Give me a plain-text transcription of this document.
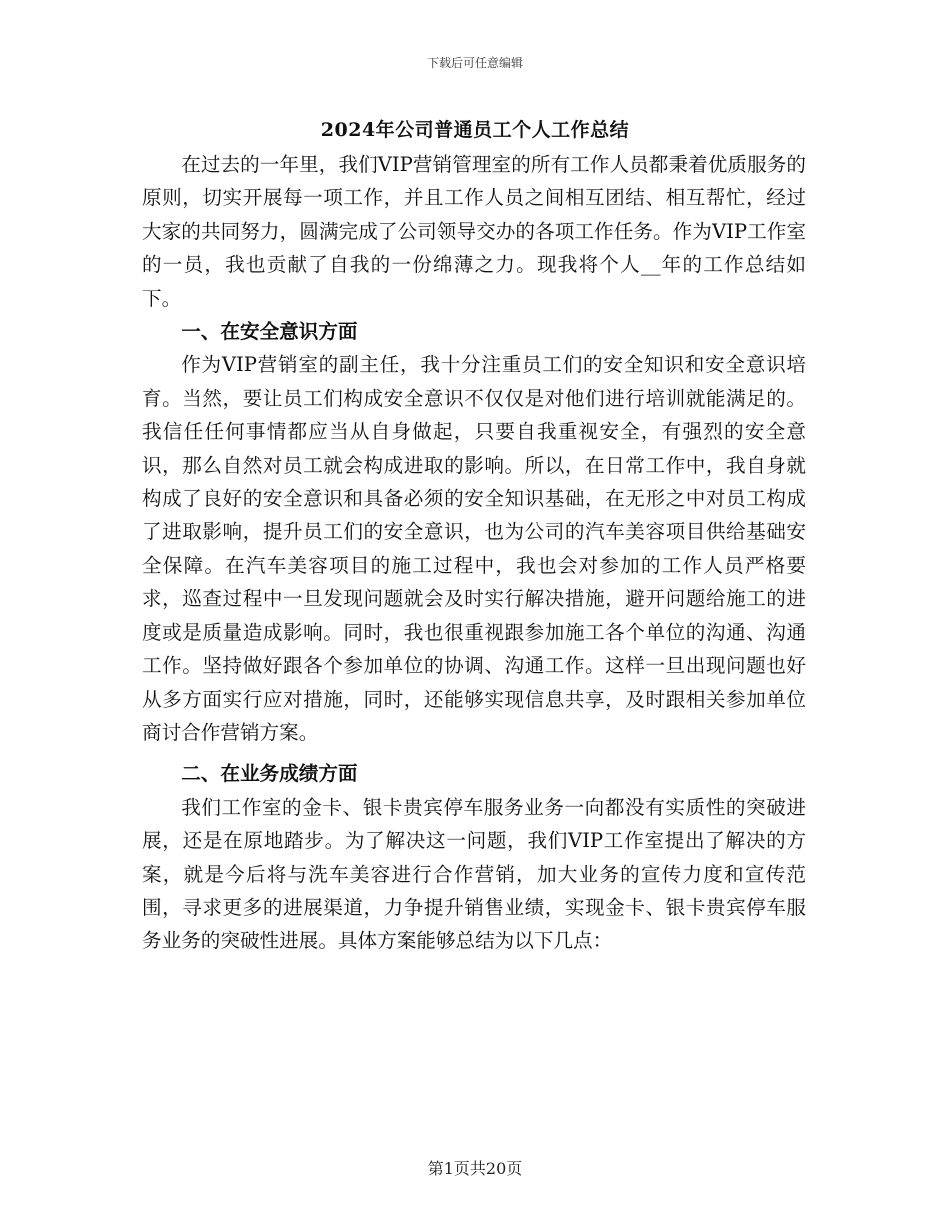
下载后可任意编辑
2024年公司普通员工个人工作总结

在过去的一年里，我们VIP营销管理室的所有工作人员都秉着优质服务的原则，切实开展每一项工作，并且工作人员之间相互团结、相互帮忙，经过大家的共同努力，圆满完成了公司领导交办的各项工作任务。作为VIP工作室的一员，我也贡献了自我的一份绵薄之力。现我将个人__年的工作总结如下。

一、在安全意识方面

作为VIP营销室的副主任，我十分注重员工们的安全知识和安全意识培育。当然，要让员工们构成安全意识不仅仅是对他们进行培训就能满足的。我信任任何事情都应当从自身做起，只要自我重视安全，有强烈的安全意识，那么自然对员工就会构成进取的影响。所以，在日常工作中，我自身就构成了良好的安全意识和具备必须的安全知识基础，在无形之中对员工构成了进取影响，提升员工们的安全意识，也为公司的汽车美容项目供给基础安全保障。在汽车美容项目的施工过程中，我也会对参加的工作人员严格要求，巡查过程中一旦发现问题就会及时实行解决措施，避开问题给施工的进度或是质量造成影响。同时，我也很重视跟参加施工各个单位的沟通、沟通工作。坚持做好跟各个参加单位的协调、沟通工作。这样一旦出现问题也好从多方面实行应对措施，同时，还能够实现信息共享，及时跟相关参加单位商讨合作营销方案。

二、在业务成绩方面

我们工作室的金卡、银卡贵宾停车服务业务一向都没有实质性的突破进展，还是在原地踏步。为了解决这一问题，我们VIP工作室提出了解决的方案，就是今后将与洗车美容进行合作营销，加大业务的宣传力度和宣传范围，寻求更多的进展渠道，力争提升销售业绩，实现金卡、银卡贵宾停车服务业务的突破性进展。具体方案能够总结为以下几点：

第1页共20页
